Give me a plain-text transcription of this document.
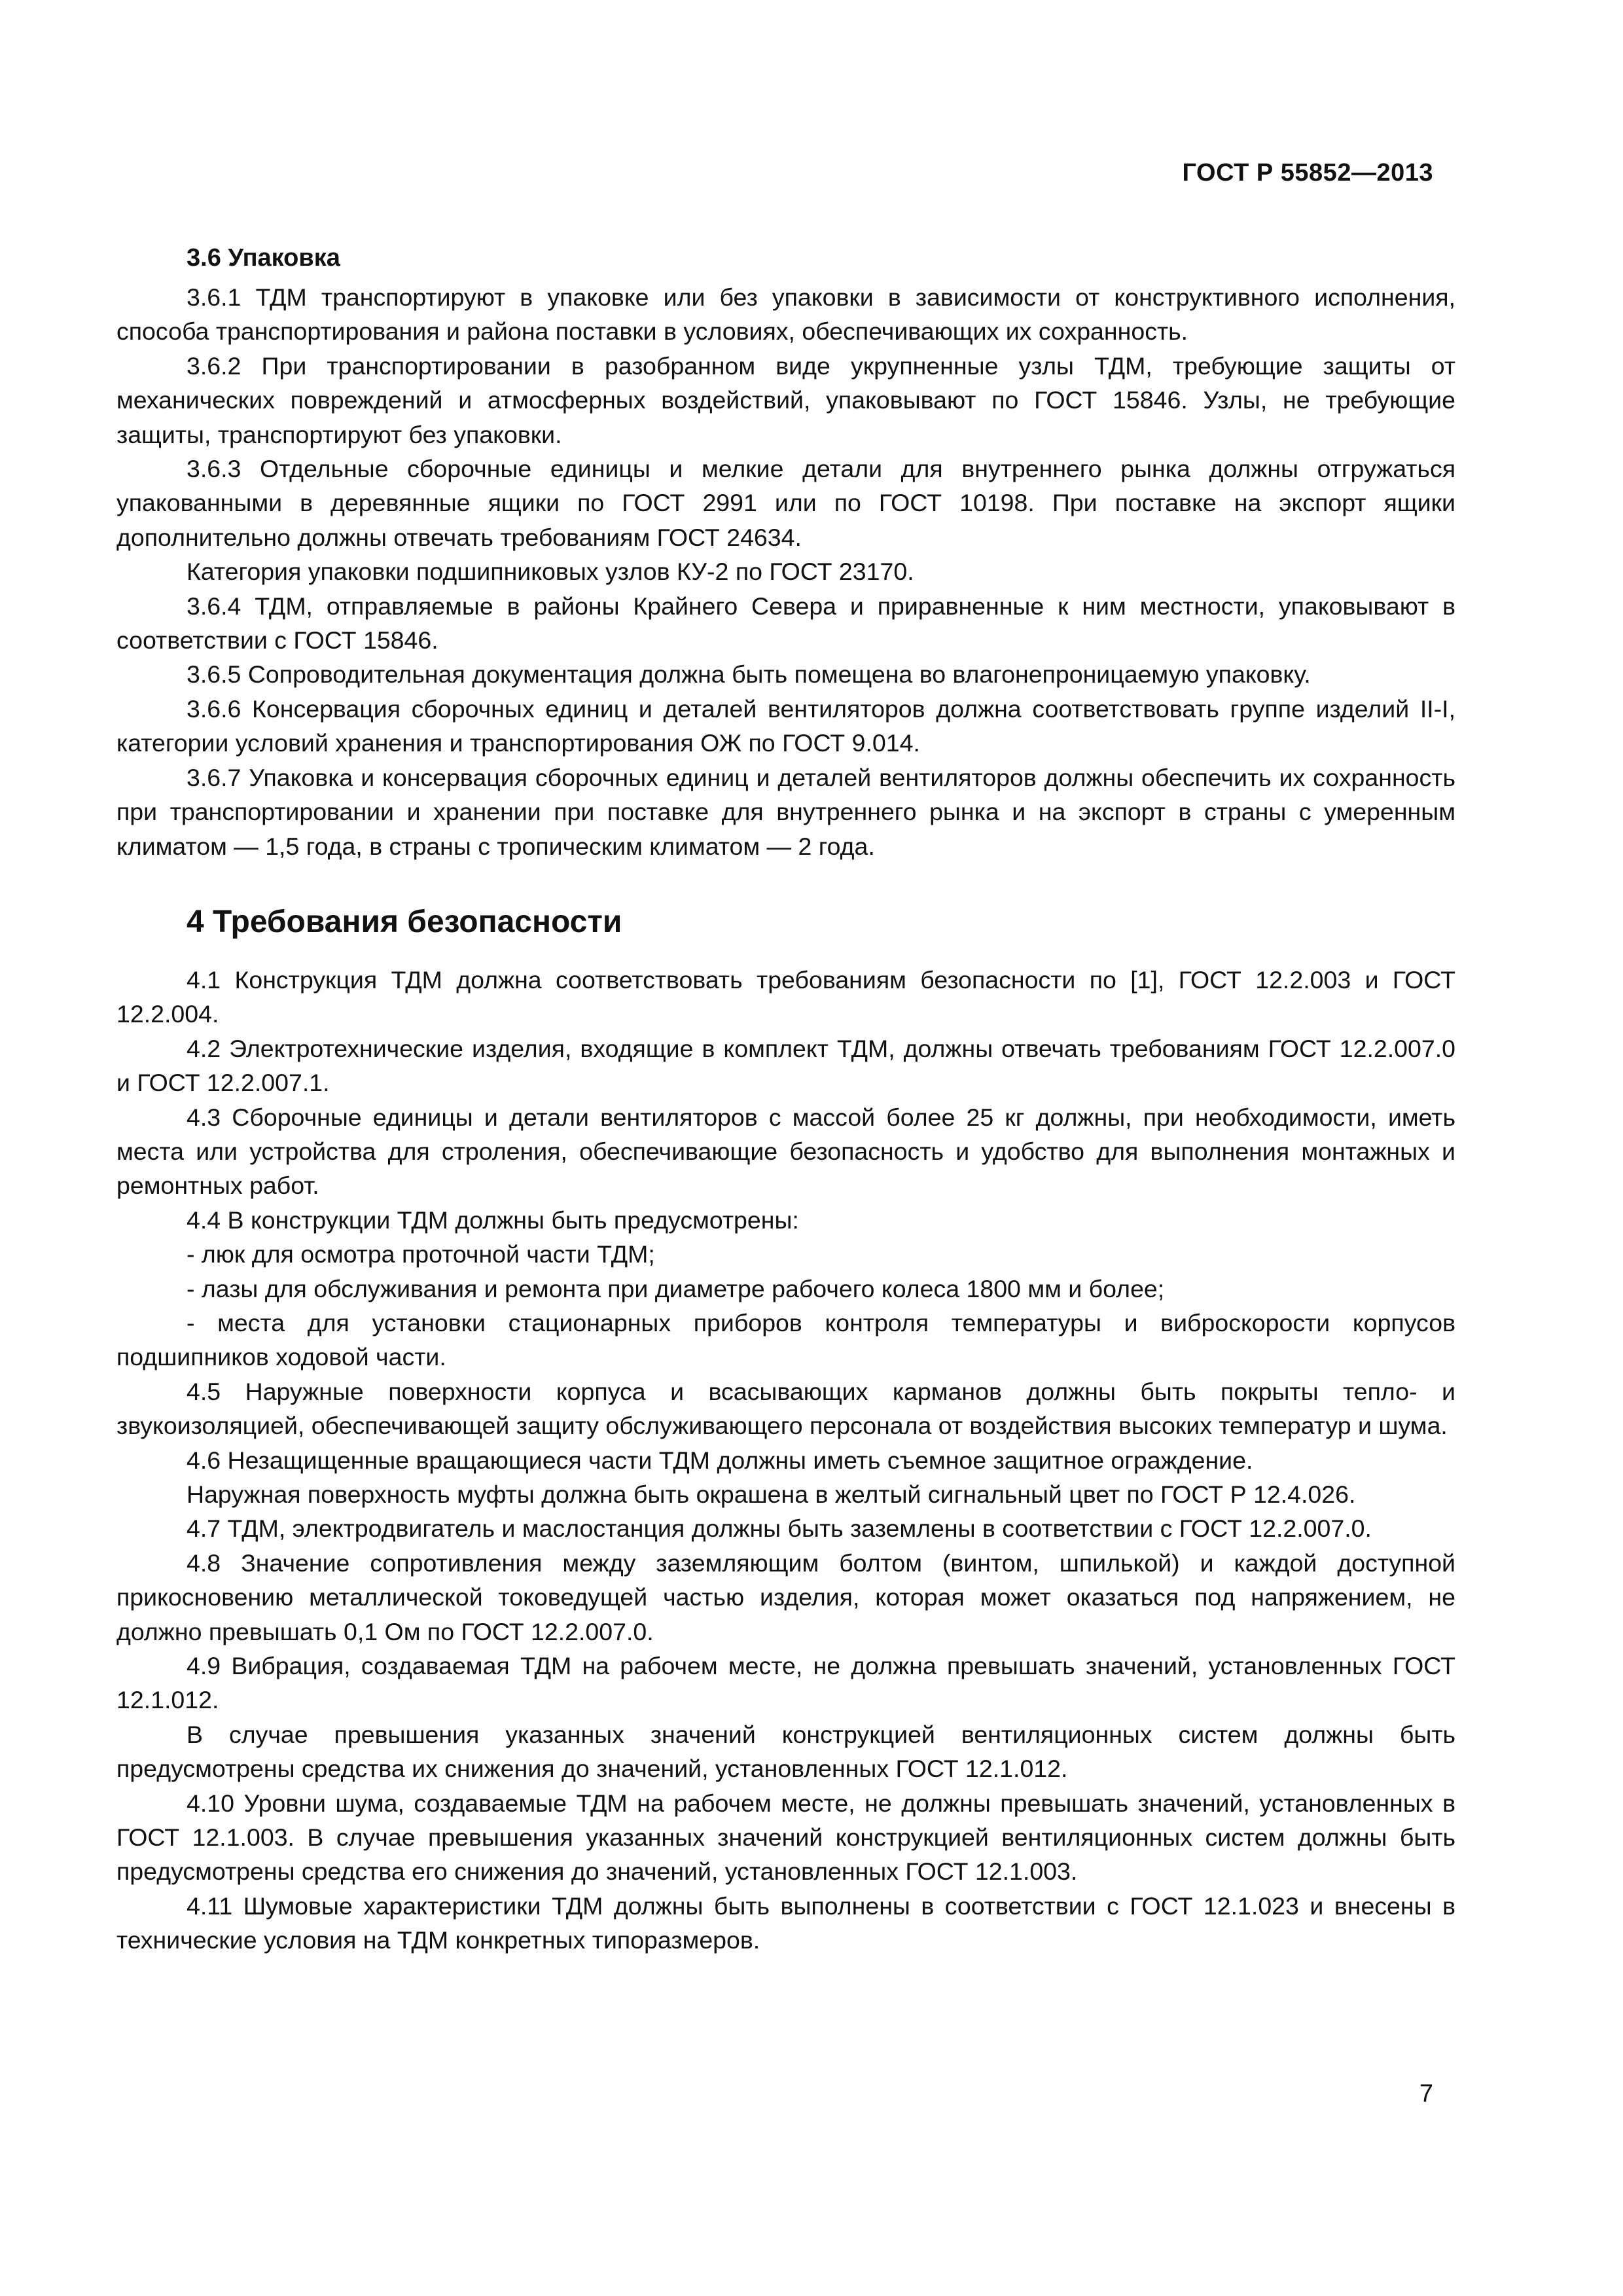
ГОСТ Р 55852—2013
3.6 Упаковка

3.6.1 ТДМ транспортируют в упаковке или без упаковки в зависимости от конструктивного исполнения, способа транспортирования и района поставки в условиях, обеспечивающих их сохранность.

3.6.2 При транспортировании в разобранном виде укрупненные узлы ТДМ, требующие защиты от механических повреждений и атмосферных воздействий, упаковывают по ГОСТ 15846. Узлы, не требующие защиты, транспортируют без упаковки.

3.6.3 Отдельные сборочные единицы и мелкие детали для внутреннего рынка должны отгружаться упакованными в деревянные ящики по ГОСТ 2991 или по ГОСТ 10198. При поставке на экспорт ящики дополнительно должны отвечать требованиям ГОСТ 24634.

Категория упаковки подшипниковых узлов КУ-2 по ГОСТ 23170.

3.6.4 ТДМ, отправляемые в районы Крайнего Севера и приравненные к ним местности, упаковывают в соответствии с ГОСТ 15846.

3.6.5 Сопроводительная документация должна быть помещена во влагонепроницаемую упаковку.

3.6.6 Консервация сборочных единиц и деталей вентиляторов должна соответствовать группе изделий II-I, категории условий хранения и транспортирования ОЖ по ГОСТ 9.014.

3.6.7 Упаковка и консервация сборочных единиц и деталей вентиляторов должны обеспечить их сохранность при транспортировании и хранении при поставке для внутреннего рынка и на экспорт в страны с умеренным климатом — 1,5 года, в страны с тропическим климатом — 2 года.

4 Требования безопасности

4.1 Конструкция ТДМ должна соответствовать требованиям безопасности по [1], ГОСТ 12.2.003 и ГОСТ 12.2.004.

4.2 Электротехнические изделия, входящие в комплект ТДМ, должны отвечать требованиям ГОСТ 12.2.007.0 и ГОСТ 12.2.007.1.

4.3 Сборочные единицы и детали вентиляторов с массой более 25 кг должны, при необходимости, иметь места или устройства для строления, обеспечивающие безопасность и удобство для выполнения монтажных и ремонтных работ.

4.4 В конструкции ТДМ должны быть предусмотрены:

- люк для осмотра проточной части ТДМ;

- лазы для обслуживания и ремонта при диаметре рабочего колеса 1800 мм и более;

- места для установки стационарных приборов контроля температуры и виброскорости корпусов подшипников ходовой части.

4.5 Наружные поверхности корпуса и всасывающих карманов должны быть покрыты тепло- и звукоизоляцией, обеспечивающей защиту обслуживающего персонала от воздействия высоких температур и шума.

4.6 Незащищенные вращающиеся части ТДМ должны иметь съемное защитное ограждение.

Наружная поверхность муфты должна быть окрашена в желтый сигнальный цвет по ГОСТ Р 12.4.026.

4.7 ТДМ, электродвигатель и маслостанция должны быть заземлены в соответствии с ГОСТ 12.2.007.0.

4.8 Значение сопротивления между заземляющим болтом (винтом, шпилькой) и каждой доступной прикосновению металлической токоведущей частью изделия, которая может оказаться под напряжением, не должно превышать 0,1 Ом по ГОСТ 12.2.007.0.

4.9 Вибрация, создаваемая ТДМ на рабочем месте, не должна превышать значений, установленных ГОСТ 12.1.012.

В случае превышения указанных значений конструкцией вентиляционных систем должны быть предусмотрены средства их снижения до значений, установленных ГОСТ 12.1.012.

4.10 Уровни шума, создаваемые ТДМ на рабочем месте, не должны превышать значений, установленных в ГОСТ 12.1.003. В случае превышения указанных значений конструкцией вентиляционных систем должны быть предусмотрены средства его снижения до значений, установленных ГОСТ 12.1.003.

4.11 Шумовые характеристики ТДМ должны быть выполнены в соответствии с ГОСТ 12.1.023 и внесены в технические условия на ТДМ конкретных типоразмеров.

7
